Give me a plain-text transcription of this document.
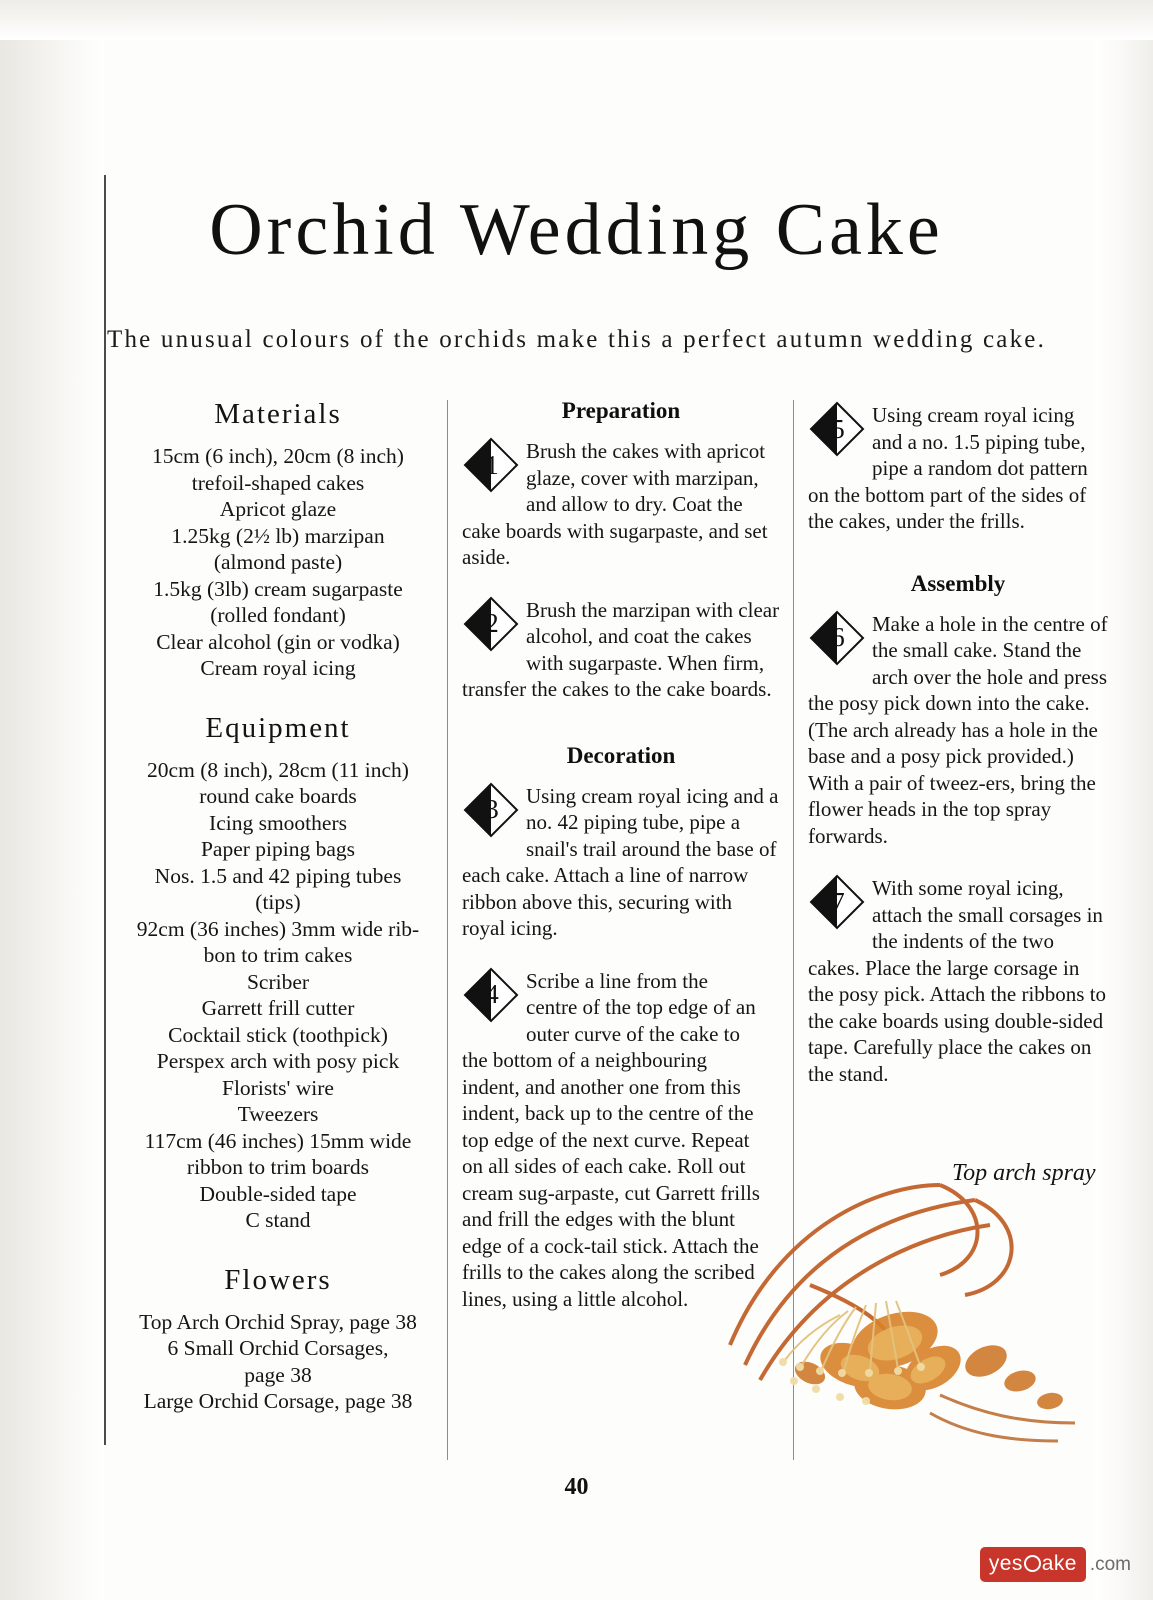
Orchid Wedding Cake
The unusual colours of the orchids make this a perfect autumn wedding cake.
Materials
15cm (6 inch), 20cm (8 inch)
trefoil-shaped cakes
Apricot glaze
1.25kg (2½ lb) marzipan
(almond paste)
1.5kg (3lb) cream sugarpaste
(rolled fondant)
Clear alcohol (gin or vodka)
Cream royal icing
Equipment
20cm (8 inch), 28cm (11 inch)
round cake boards
Icing smoothers
Paper piping bags
Nos. 1.5 and 42 piping tubes
(tips)
92cm (36 inches) 3mm wide rib-
bon to trim cakes
Scriber
Garrett frill cutter
Cocktail stick (toothpick)
Perspex arch with posy pick
Florists' wire
Tweezers
117cm (46 inches) 15mm wide
ribbon to trim boards
Double-sided tape
C stand
Flowers
Top Arch Orchid Spray, page 38
6 Small Orchid Corsages,
page 38
Large Orchid Corsage, page 38
Preparation
1	Brush the cakes with apricot glaze, cover with marzipan, and allow to dry. Coat the cake boards with sugarpaste, and set aside.

2	Brush the marzipan with clear alcohol, and coat the cakes with sugarpaste. When firm, transfer the cakes to the cake boards.

Decoration
3	Using cream royal icing and a no. 42 piping tube, pipe a snail's trail around the base of each cake. Attach a line of narrow ribbon above this, securing with royal icing.

4	Scribe a line from the centre of the top edge of an outer curve of the cake to the bottom of a neighbouring indent, and another one from this indent, back up to the centre of the top edge of the next curve. Repeat on all sides of each cake. Roll out cream sug-arpaste, cut Garrett frills and frill the edges with the blunt edge of a cock-tail stick. Attach the frills to the cakes along the scribed lines, using a little alcohol.

5	Using cream royal icing and a no. 1.5 piping tube, pipe a random dot pattern on the bottom part of the sides of the cakes, under the frills.

Assembly
6	Make a hole in the centre of the small cake. Stand the arch over the hole and press the posy pick down into the cake. (The arch already has a hole in the base and a posy pick provided.) With a pair of tweez-ers, bring the flower heads in the top spray forwards.

7	With some royal icing, attach the small corsages in the indents of the two cakes. Place the large corsage in the posy pick. Attach the ribbons to the cake boards using double-sided tape. Carefully place the cakes on the stand.

Top arch spray
40
yes ake .com
